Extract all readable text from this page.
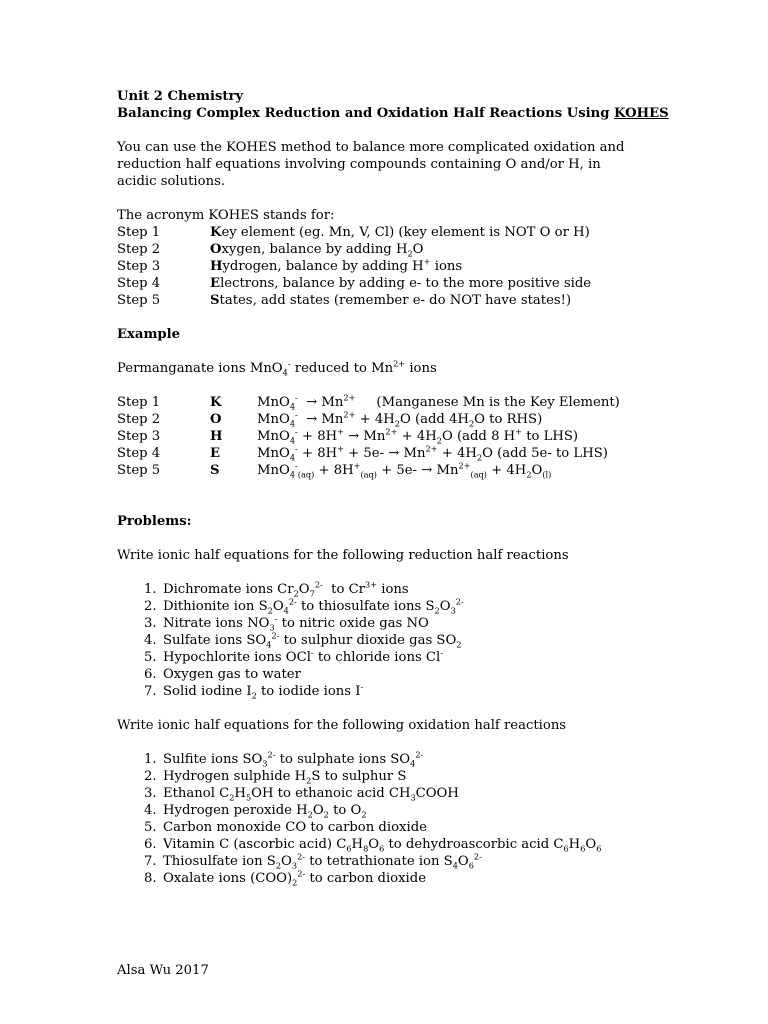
Unit 2 Chemistry
Balancing Complex Reduction and Oxidation Half Reactions Using KOHES
You can use the KOHES method to balance more complicated oxidation and reduction half equations involving compounds containing O and/or H, in acidic solutions.
The acronym KOHES stands for:
Step 1	Key element (eg. Mn, V, Cl) (key element is NOT O or H)
Step 2	Oxygen, balance by adding $H_2O$
Step 3	Hydrogen, balance by adding H+ ions
Step 4	Electrons, balance by adding e- to the more positive side
Step 5	States, add states (remember e- do NOT have states!)
Example
Permanganate ions MnO$_4$- reduced to $Mn^{2+}$ ions
Step 1	K	$MnO_4^- \to Mn^{2+}$ (Manganese Mn is the Key Element)
Step 2	O	$MnO_4^- \to Mn^{2+} + 4H_2O$ (add $4H_2O$ to RHS)
Step 3	H	$MnO_4^- + 8H^+ \to Mn^{2+} + 4H_2O$ (add 8 H+ to LHS)
Step 4	E	$MnO_4^- + 8H^+ + 5e- \to Mn^{2+} + 4H_2O$ (add 5e- to LHS)
Step 5	S	$MnO_4^-_{(aq)} + 8H^+_{(aq)} + 5e- \to Mn^{2+}_{(aq)} + 4H_2O_{(l)}$
Problems:
Write ionic half equations for the following reduction half reactions
1. Dichromate ions $Cr_2O_7^{2-}$  to $Cr^{3+}$ ions
2. Dithionite ion $S_2O_4^{2-}$ to thiosulfate ions $S_2O_3^{2-}$
3. Nitrate ions $NO_3^-$ to nitric oxide gas NO
4. Sulfate ions $SO_4^{2-}$ to sulphur dioxide gas $SO_2$
5. Hypochlorite ions OCl- to chloride ions Cl-
6. Oxygen gas to water
7. Solid iodine $I_2$ to iodide ions I-
Write ionic half equations for the following oxidation half reactions
1. Sulfite ions $SO_3^{2-}$ to sulphate ions $SO_4^{2-}$
2. Hydrogen sulphide $H_2S$ to sulphur S
3. Ethanol $C_2H_5OH$ to ethanoic acid $CH_3COOH$
4. Hydrogen peroxide $H_2O_2$ to $O_2$
5. Carbon monoxide CO to carbon dioxide
6. Vitamin C (ascorbic acid) $C_6H_8O_6$ to dehydroascorbic acid $C_6H_6O_6$
7. Thiosulfate ion $S_2O_3^{2-}$ to tetrathionate ion $S_4O_6^{2-}$
8. Oxalate ions $(COO)_2^{2-}$ to carbon dioxide
Alsa Wu 2017
